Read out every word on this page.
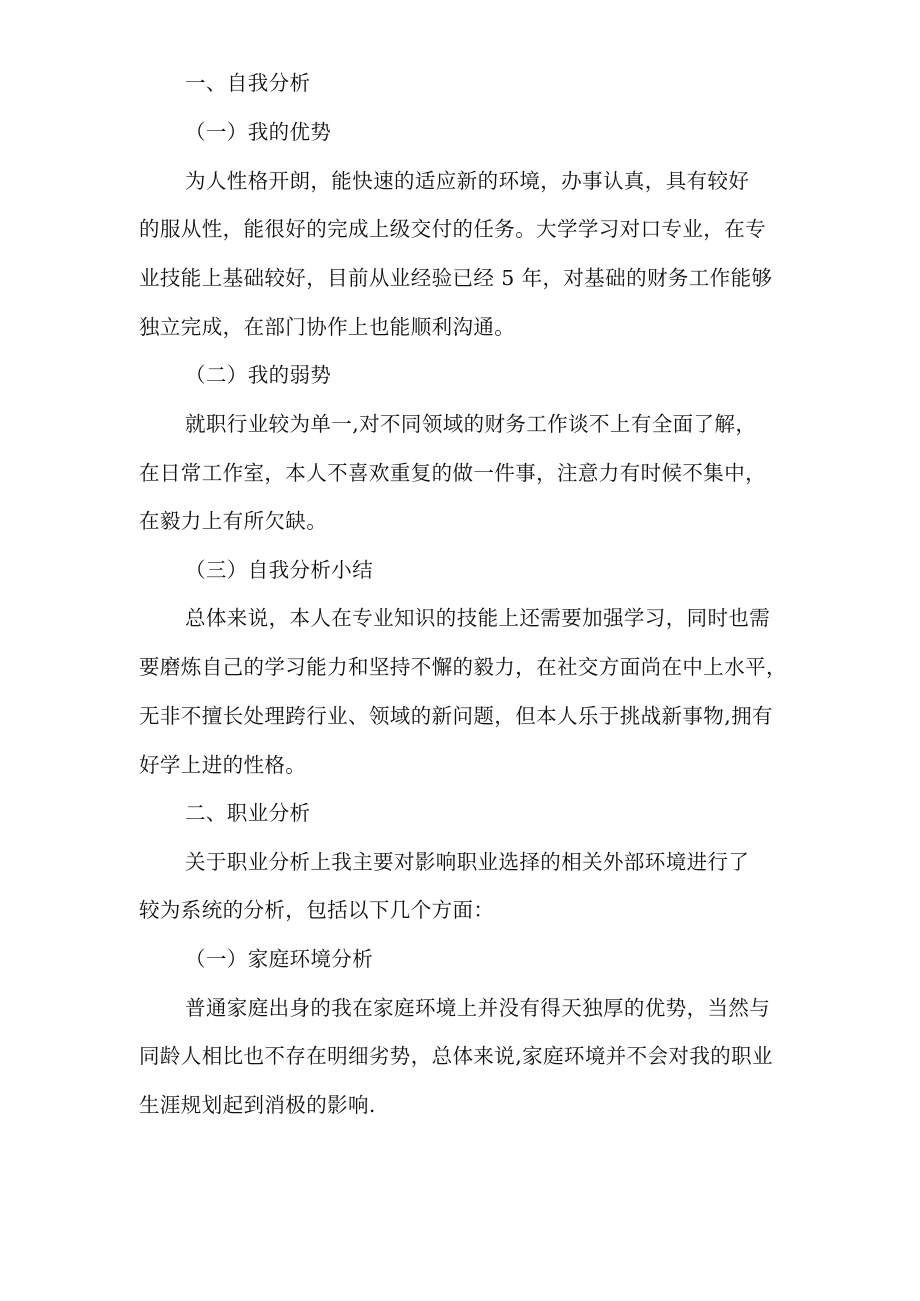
一、自我分析
（一）我的优势
为人性格开朗，能快速的适应新的环境，办事认真，具有较好
的服从性，能很好的完成上级交付的任务。大学学习对口专业，在专
业技能上基础较好，目前从业经验已经 5 年，对基础的财务工作能够
独立完成，在部门协作上也能顺利沟通。
（二）我的弱势
就职行业较为单一,对不同领域的财务工作谈不上有全面了解，
在日常工作室，本人不喜欢重复的做一件事，注意力有时候不集中，
在毅力上有所欠缺。
（三）自我分析小结
总体来说，本人在专业知识的技能上还需要加强学习，同时也需
要磨炼自己的学习能力和坚持不懈的毅力，在社交方面尚在中上水平，
无非不擅长处理跨行业、领域的新问题，但本人乐于挑战新事物,拥有
好学上进的性格。
二、职业分析
关于职业分析上我主要对影响职业选择的相关外部环境进行了
较为系统的分析，包括以下几个方面：
（一）家庭环境分析
普通家庭出身的我在家庭环境上并没有得天独厚的优势，当然与
同龄人相比也不存在明细劣势，总体来说,家庭环境并不会对我的职业
生涯规划起到消极的影响.
